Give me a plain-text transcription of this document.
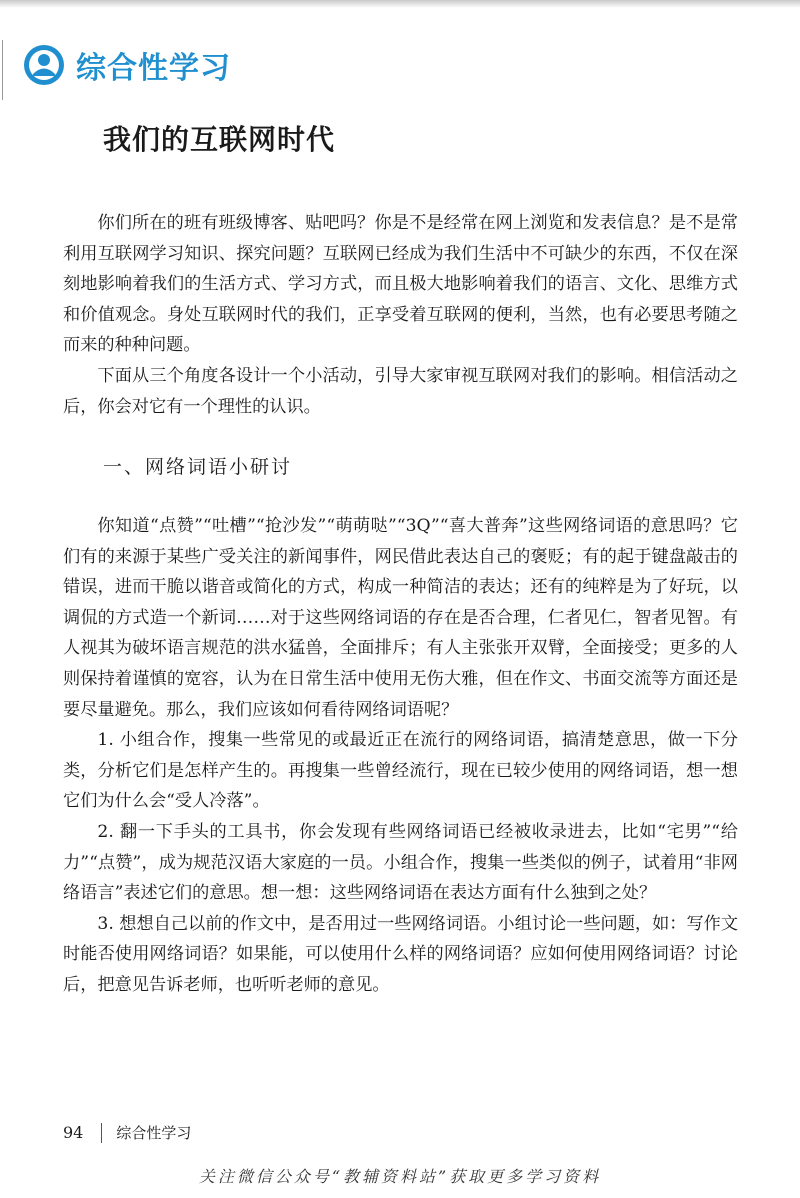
综合性学习
我们的互联网时代

你们所在的班有班级博客、贴吧吗？你是不是经常在网上浏览和发表信息？是不是常利用互联网学习知识、探究问题？互联网已经成为我们生活中不可缺少的东西，不仅在深刻地影响着我们的生活方式、学习方式，而且极大地影响着我们的语言、文化、思维方式和价值观念。身处互联网时代的我们，正享受着互联网的便利，当然，也有必要思考随之而来的种种问题。

下面从三个角度各设计一个小活动，引导大家审视互联网对我们的影响。相信活动之后，你会对它有一个理性的认识。

一、网络词语小研讨

你知道“点赞”“吐槽”“抢沙发”“萌萌哒”“3Q”“喜大普奔”这些网络词语的意思吗？它们有的来源于某些广受关注的新闻事件，网民借此表达自己的褒贬；有的起于键盘敲击的错误，进而干脆以谐音或简化的方式，构成一种简洁的表达；还有的纯粹是为了好玩，以调侃的方式造一个新词……对于这些网络词语的存在是否合理，仁者见仁，智者见智。有人视其为破坏语言规范的洪水猛兽，全面排斥；有人主张张开双臂，全面接受；更多的人则保持着谨慎的宽容，认为在日常生活中使用无伤大雅，但在作文、书面交流等方面还是要尽量避免。那么，我们应该如何看待网络词语呢？

1. 小组合作，搜集一些常见的或最近正在流行的网络词语，搞清楚意思，做一下分类，分析它们是怎样产生的。再搜集一些曾经流行，现在已较少使用的网络词语，想一想它们为什么会“受人冷落”。

2. 翻一下手头的工具书，你会发现有些网络词语已经被收录进去，比如“宅男”“给力”“点赞”，成为规范汉语大家庭的一员。小组合作，搜集一些类似的例子，试着用“非网络语言”表述它们的意思。想一想：这些网络词语在表达方面有什么独到之处？

3. 想想自己以前的作文中，是否用过一些网络词语。小组讨论一些问题，如：写作文时能否使用网络词语？如果能，可以使用什么样的网络词语？应如何使用网络词语？讨论后，把意见告诉老师，也听听老师的意见。

94 综合性学习
关注微信公众号“教辅资料站”获取更多学习资料
